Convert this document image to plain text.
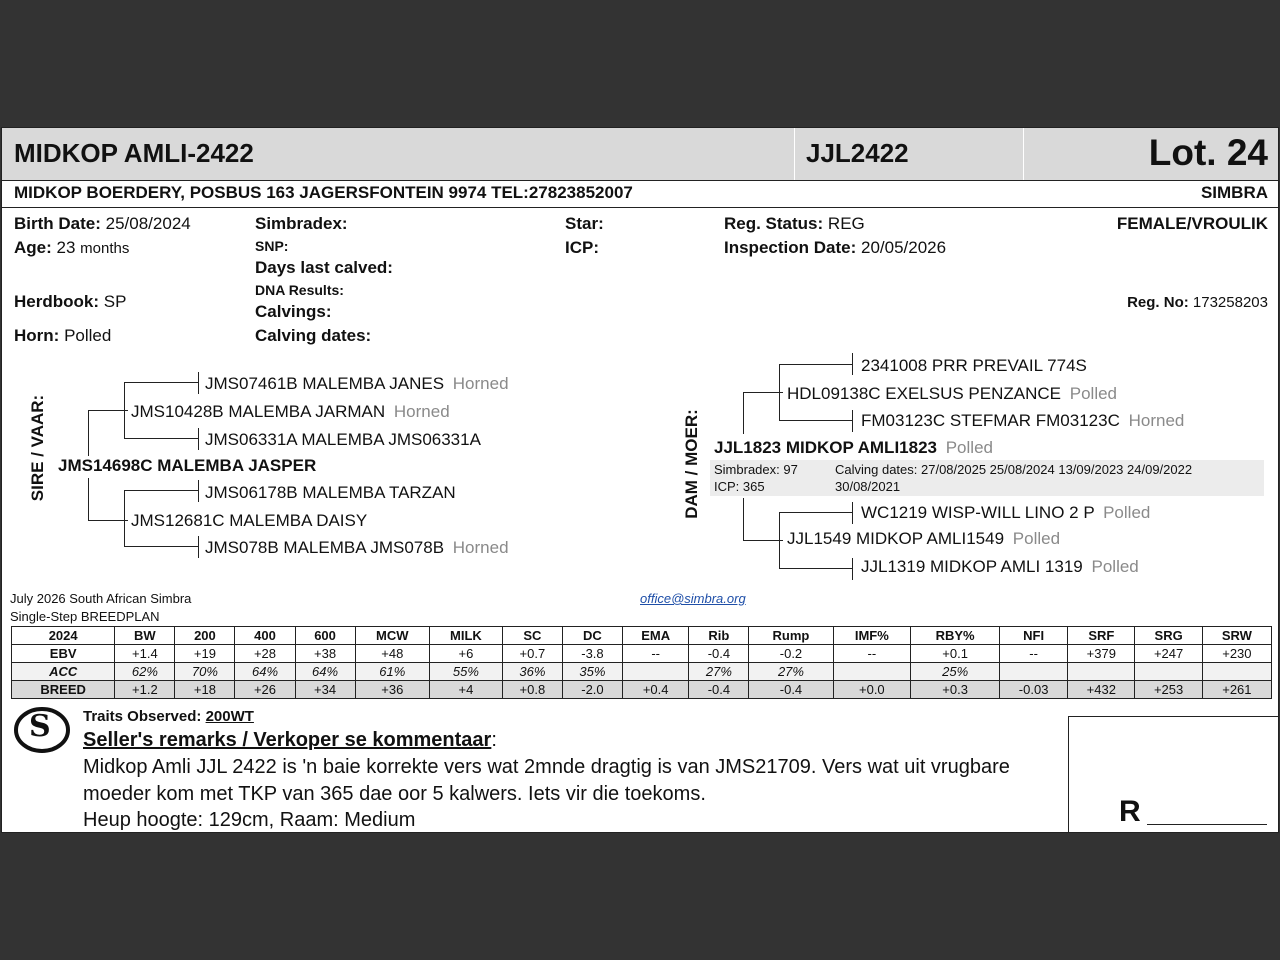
MIDKOP AMLI-2422	JJL2422	Lot. 24
MIDKOP BOERDERY, POSBUS 163 JAGERSFONTEIN 9974 TEL:27823852007	SIMBRA
Birth Date: 25/08/2024
Age: 23 months
Herdbook: SP
Horn: Polled
Simbradex:
SNP:
Days last calved:
DNA Results:
Calvings:
Calving dates:
Star:
ICP:
Reg. Status: REG
Inspection Date: 20/05/2026
FEMALE/VROULIK
Reg. No: 173258203
SIRE / VAAR:
JMS07461B MALEMBA JANES Horned
JMS10428B MALEMBA JARMAN Horned
JMS06331A MALEMBA JMS06331A
JMS14698C MALEMBA JASPER
JMS06178B MALEMBA TARZAN
JMS12681C MALEMBA DAISY
JMS078B MALEMBA JMS078B Horned
DAM / MOER:
2341008 PRR PREVAIL 774S
HDL09138C EXELSUS PENZANCE Polled
FM03123C STEFMAR FM03123C Horned
JJL1823 MIDKOP AMLI1823 Polled
Simbradex: 97
ICP: 365
Calving dates: 27/08/2025 25/08/2024 13/09/2023 24/09/2022
30/08/2021
WC1219 WISP-WILL LINO 2 P Polled
JJL1549 MIDKOP AMLI1549 Polled
JJL1319 MIDKOP AMLI 1319 Polled
July 2026 South African Simbra
Single-Step BREEDPLAN
office@simbra.org
2024	BW	200	400	600	MCW	MILK	SC	DC	EMA	Rib	Rump	IMF%	RBY%	NFI	SRF	SRG	SRW
EBV	+1.4	+19	+28	+38	+48	+6	+0.7	-3.8	--	-0.4	-0.2	--	+0.1	--	+379	+247	+230
ACC	62%	70%	64%	64%	61%	55%	36%	35%		27%	27%		25%				
BREED	+1.2	+18	+26	+34	+36	+4	+0.8	-2.0	+0.4	-0.4	-0.4	+0.0	+0.3	-0.03	+432	+253	+261
S Traits Observed: 200WT
Seller's remarks / Verkoper se kommentaar:
Midkop Amli JJL 2422 is 'n baie korrekte vers wat 2mnde dragtig is van JMS21709. Vers wat uit vrugbare
moeder kom met TKP van 365 dae oor 5 kalwers. Iets vir die toekoms.
Heup hoogte: 129cm, Raam: Medium	R
